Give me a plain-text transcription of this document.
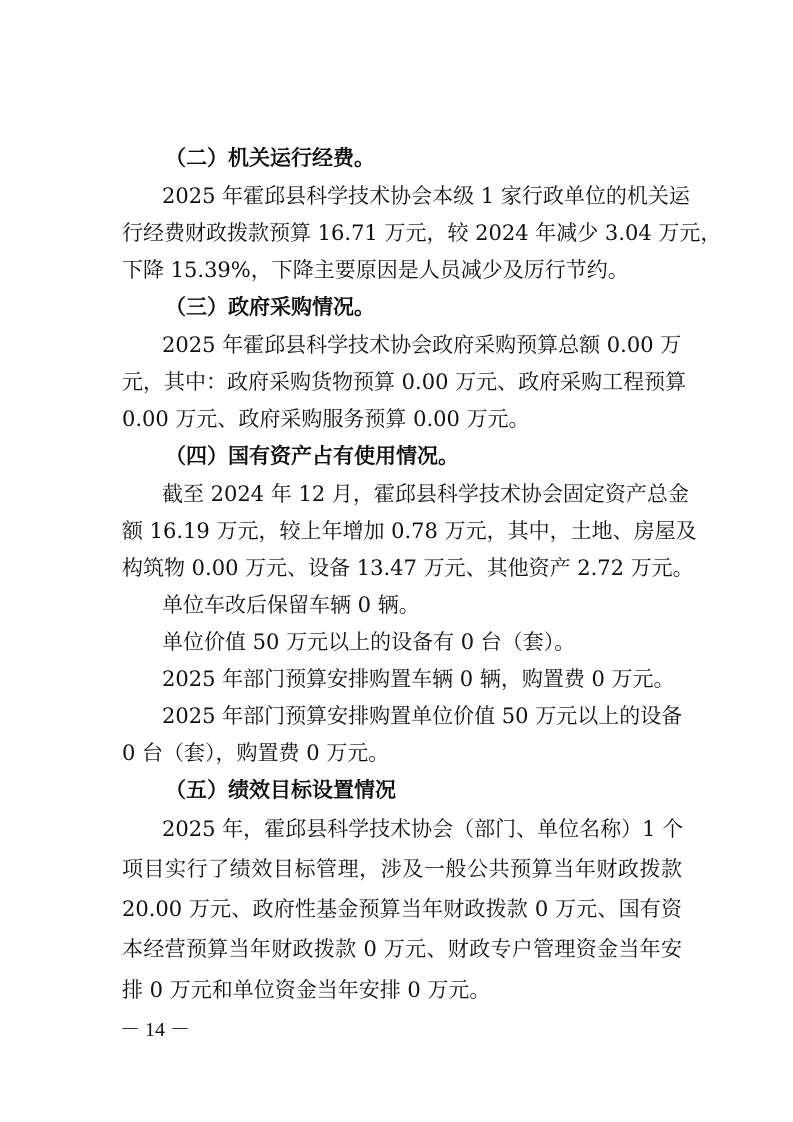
（二）机关运行经费。
2025 年霍邱县科学技术协会本级 1 家行政单位的机关运
行经费财政拨款预算 16.71 万元，较 2024 年减少 3.04 万元，
下降 15.39%，下降主要原因是人员减少及厉行节约。
（三）政府采购情况。
2025 年霍邱县科学技术协会政府采购预算总额 0.00 万
元，其中：政府采购货物预算 0.00 万元、政府采购工程预算
0.00 万元、政府采购服务预算 0.00 万元。
（四）国有资产占有使用情况。
截至 2024 年 12 月，霍邱县科学技术协会固定资产总金
额 16.19 万元，较上年增加 0.78 万元，其中，土地、房屋及
构筑物 0.00 万元、设备 13.47 万元、其他资产 2.72 万元。
单位车改后保留车辆 0 辆。
单位价值 50 万元以上的设备有 0 台（套）。
2025 年部门预算安排购置车辆 0 辆，购置费 0 万元。
2025 年部门预算安排购置单位价值 50 万元以上的设备
0 台（套），购置费 0 万元。
（五）绩效目标设置情况
2025 年，霍邱县科学技术协会（部门、单位名称）1 个
项目实行了绩效目标管理，涉及一般公共预算当年财政拨款
20.00 万元、政府性基金预算当年财政拨款 0 万元、国有资
本经营预算当年财政拨款 0 万元、财政专户管理资金当年安
排 0 万元和单位资金当年安排 0 万元。
－ 14 －
